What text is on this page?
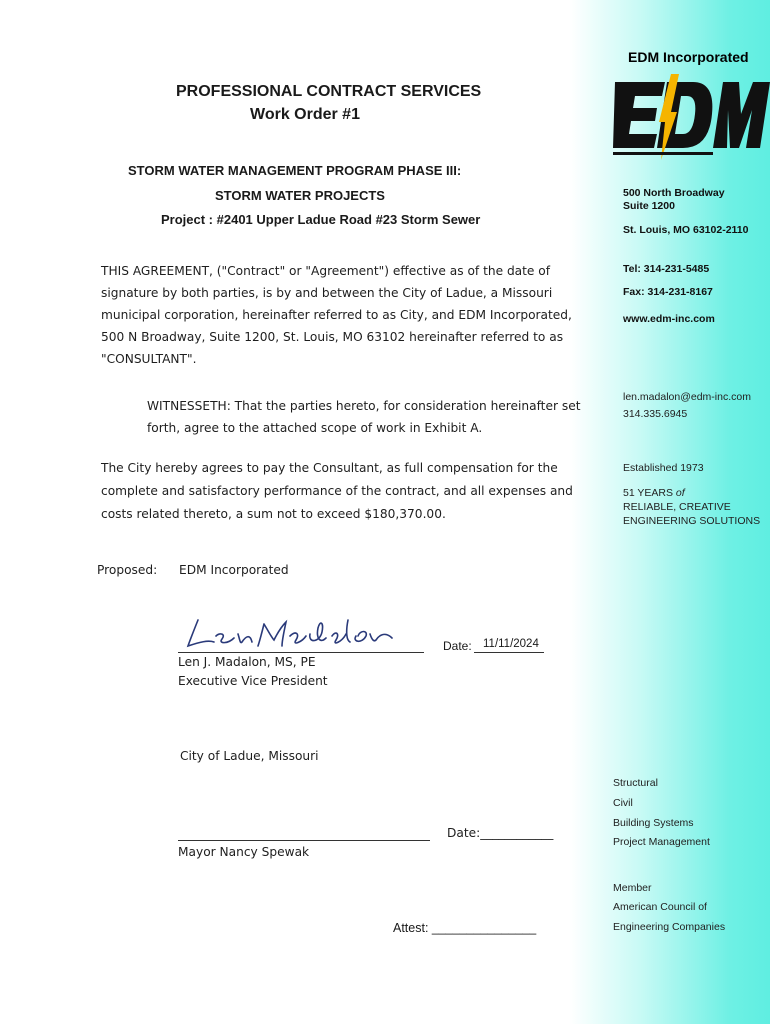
EDM Incorporated
500 North Broadway
Suite 1200
St. Louis, MO 63102-2110
Tel: 314-231-5485
Fax: 314-231-8167
www.edm-inc.com
len.madalon@edm-inc.com
314.335.6945
Established 1973
51 YEARS of
RELIABLE, CREATIVE
ENGINEERING SOLUTIONS
Structural
Civil
Building Systems
Project Management
Member
American Council of
Engineering Companies
PROFESSIONAL CONTRACT SERVICES
Work Order #1
STORM WATER MANAGEMENT PROGRAM PHASE III:
STORM WATER PROJECTS
Project : #2401 Upper Ladue Road #23 Storm Sewer
THIS AGREEMENT, ("Contract" or "Agreement") effective as of the date of
signature by both parties, is by and between the City of Ladue, a Missouri
municipal corporation, hereinafter referred to as City, and EDM Incorporated,
500 N Broadway, Suite 1200, St. Louis, MO 63102 hereinafter referred to as
"CONSULTANT".
WITNESSETH: That the parties hereto, for consideration hereinafter set
forth, agree to the attached scope of work in Exhibit A.
The City hereby agrees to pay the Consultant, as full compensation for the
complete and satisfactory performance of the contract, and all expenses and
costs related thereto, a sum not to exceed $180,370.00.
Proposed: EDM Incorporated
Date: 11/11/2024
Len J. Madalon, MS, PE
Executive Vice President
City of Ladue, Missouri
Date:____________
Mayor Nancy Spewak
Attest: _______________
